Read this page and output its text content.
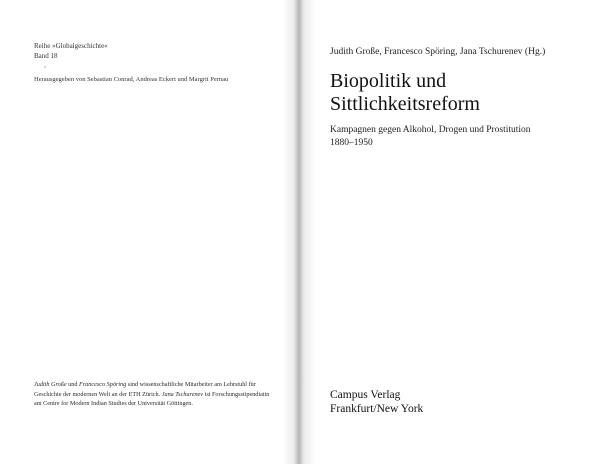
Reihe »Globalgeschichte«
Band 18
°
Herausgegeben von Sebastian Conrad, Andreas Eckert und Margrit Pernau
Judith Große und Francesco Spöring sind wissenschaftliche Mitarbeiter am Lehrstuhl für Geschichte der modernen Welt an der ETH Zürich. Jana Tschurenev ist Forschungsstipendiatin am Centre for Modern Indian Studies der Universität Göttingen.
Judith Große, Francesco Spöring, Jana Tschurenev (Hg.)
Biopolitik und
Sittlichkeitsreform
Kampagnen gegen Alkohol, Drogen und Prostitution
1880–1950
Campus Verlag
Frankfurt/New York
